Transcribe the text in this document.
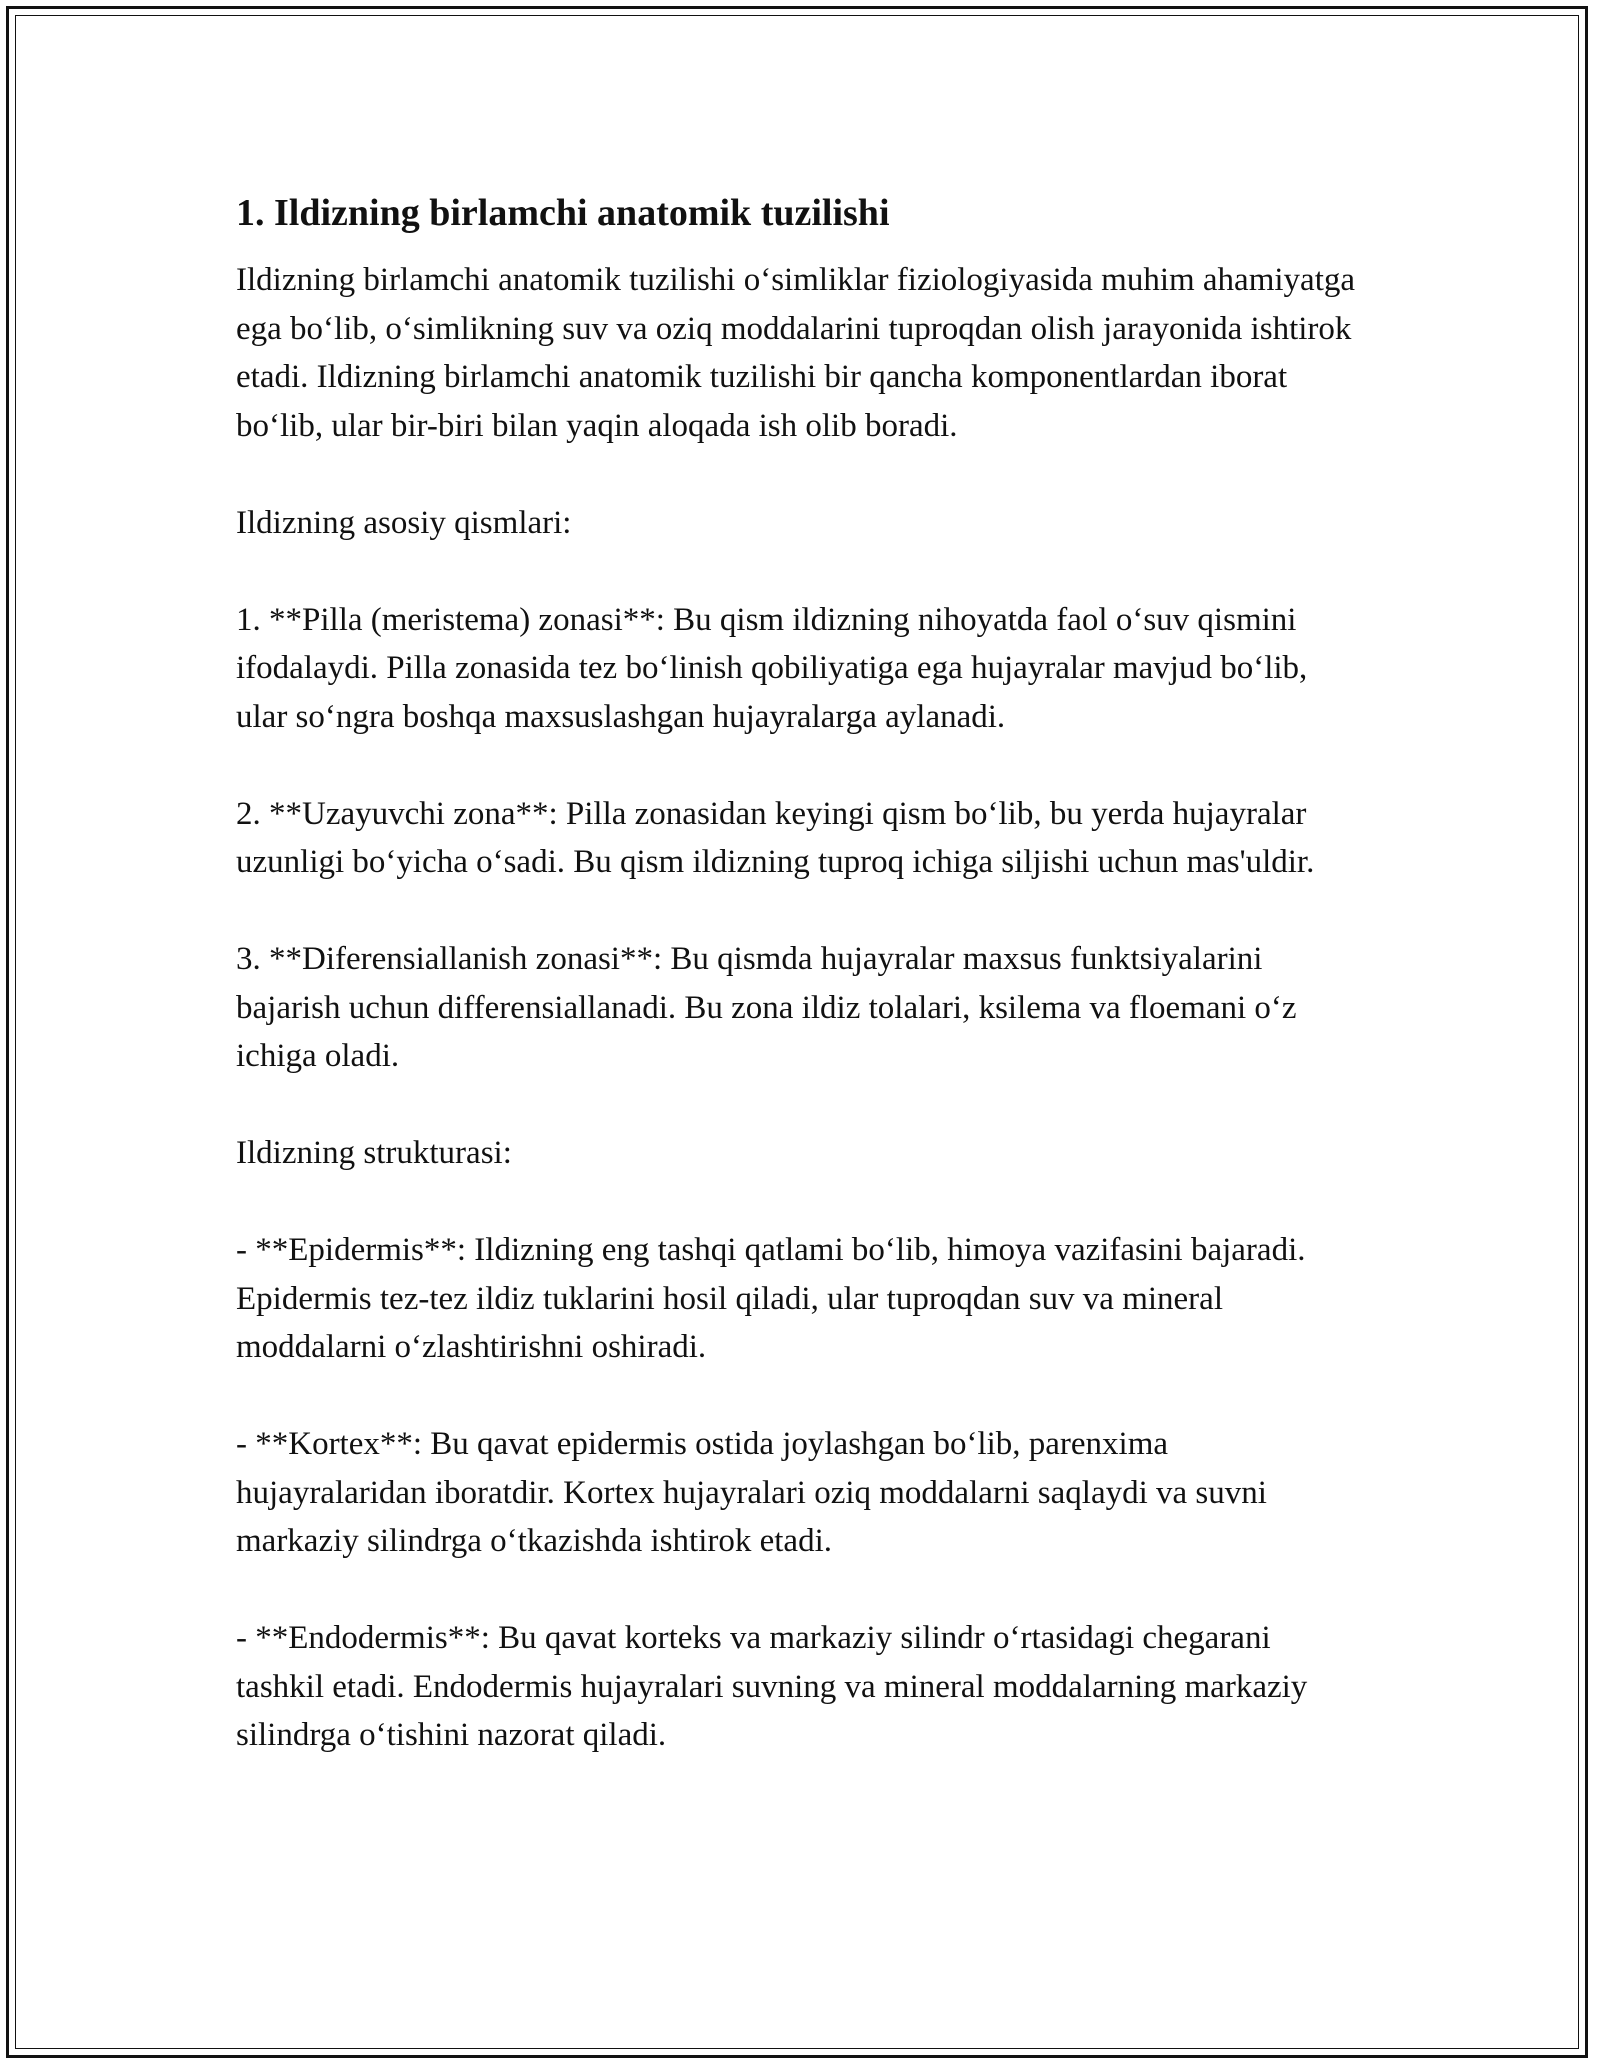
1. Ildizning birlamchi anatomik tuzilishi

Ildizning birlamchi anatomik tuzilishi o‘simliklar fiziologiyasida muhim ahamiyatga ega bo‘lib, o‘simlikning suv va oziq moddalarini tuproqdan olish jarayonida ishtirok etadi. Ildizning birlamchi anatomik tuzilishi bir qancha komponentlardan iborat bo‘lib, ular bir-biri bilan yaqin aloqada ish olib boradi.

Ildizning asosiy qismlari:

1. **Pilla (meristema) zonasi**: Bu qism ildizning nihoyatda faol o‘suv qismini ifodalaydi. Pilla zonasida tez bo‘linish qobiliyatiga ega hujayralar mavjud bo‘lib, ular so‘ngra boshqa maxsuslashgan hujayralarga aylanadi.

2. **Uzayuvchi zona**: Pilla zonasidan keyingi qism bo‘lib, bu yerda hujayralar uzunligi bo‘yicha o‘sadi. Bu qism ildizning tuproq ichiga siljishi uchun mas'uldir.

3. **Diferensiallanish zonasi**: Bu qismda hujayralar maxsus funktsiyalarini bajarish uchun differensiallanadi. Bu zona ildiz tolalari, ksilema va floemani o‘z ichiga oladi.

Ildizning strukturasi:

- **Epidermis**: Ildizning eng tashqi qatlami bo‘lib, himoya vazifasini bajaradi. Epidermis tez-tez ildiz tuklarini hosil qiladi, ular tuproqdan suv va mineral moddalarni o‘zlashtirishni oshiradi.

- **Kortex**: Bu qavat epidermis ostida joylashgan bo‘lib, parenxima hujayralaridan iboratdir. Kortex hujayralari oziq moddalarni saqlaydi va suvni markaziy silindrga o‘tkazishda ishtirok etadi.

- **Endodermis**: Bu qavat korteks va markaziy silindr o‘rtasidagi chegarani tashkil etadi. Endodermis hujayralari suvning va mineral moddalarning markaziy silindrga o‘tishini nazorat qiladi.
